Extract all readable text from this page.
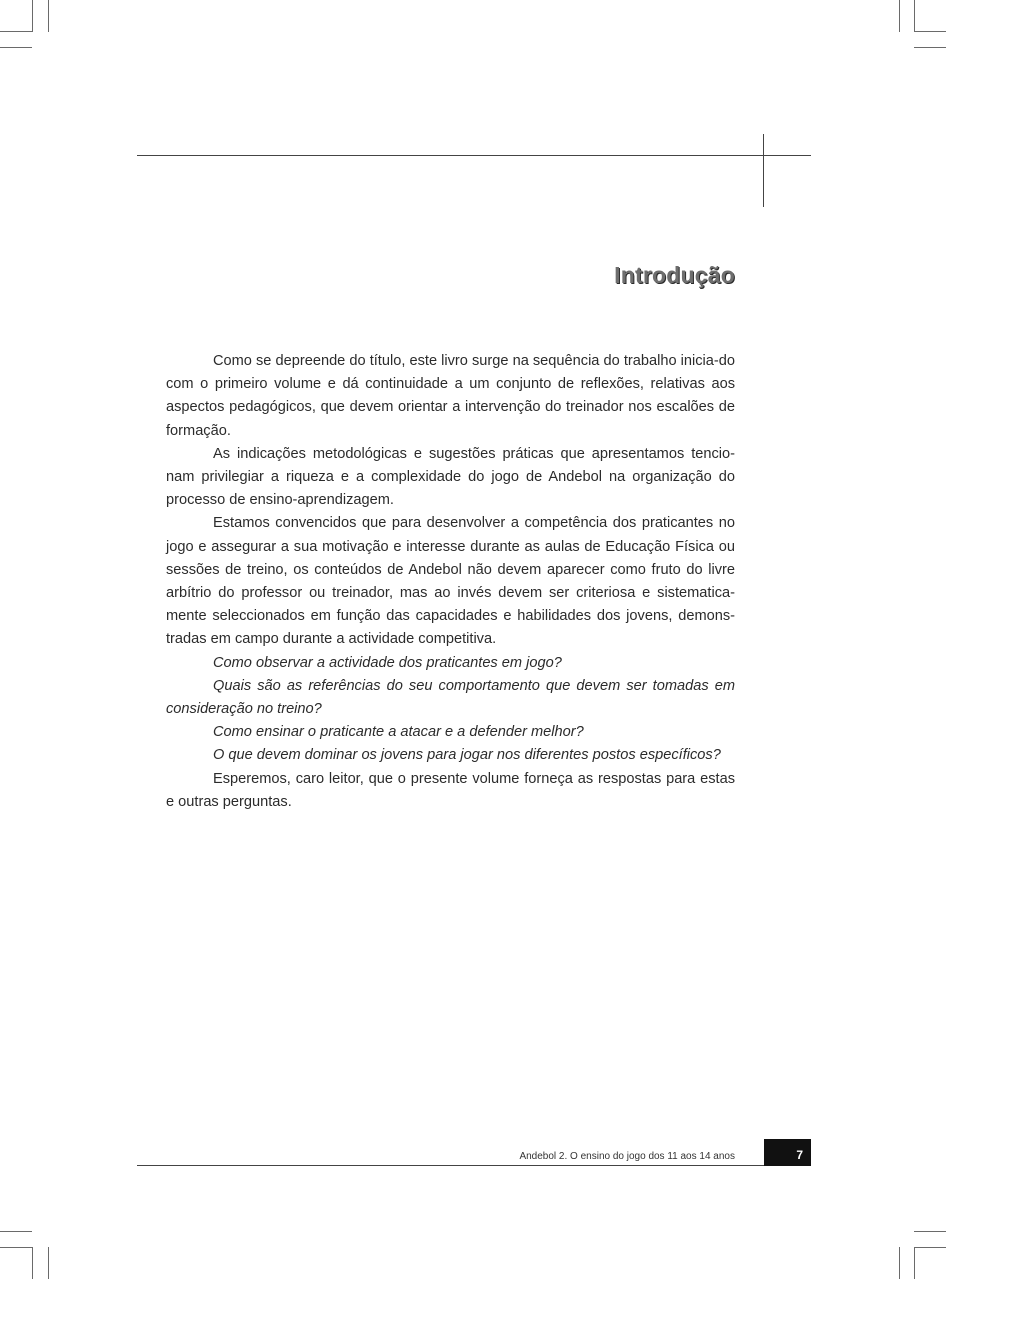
Introdução

Como se depreende do título, este livro surge na sequência do trabalho inicia-do com o primeiro volume e dá continuidade a um conjunto de reflexões, relativas aos aspectos pedagógicos, que devem orientar a intervenção do treinador nos escalões de formação.

As indicações metodológicas e sugestões práticas que apresentamos tencio-nam privilegiar a riqueza e a complexidade do jogo de Andebol na organização do processo de ensino-aprendizagem.

Estamos convencidos que para desenvolver a competência dos praticantes no jogo e assegurar a sua motivação e interesse durante as aulas de Educação Física ou sessões de treino, os conteúdos de Andebol não devem aparecer como fruto do livre arbítrio do professor ou treinador, mas ao invés devem ser criteriosa e sistematica-mente seleccionados em função das capacidades e habilidades dos jovens, demons-tradas em campo durante a actividade competitiva.

Como observar a actividade dos praticantes em jogo?

Quais são as referências do seu comportamento que devem ser tomadas em consideração no treino?

Como ensinar o praticante a atacar e a defender melhor?

O que devem dominar os jovens para jogar nos diferentes postos específicos?

Esperemos, caro leitor, que o presente volume forneça as respostas para estas e outras perguntas.

Andebol 2. O ensino do jogo dos 11 aos 14 anos	7
